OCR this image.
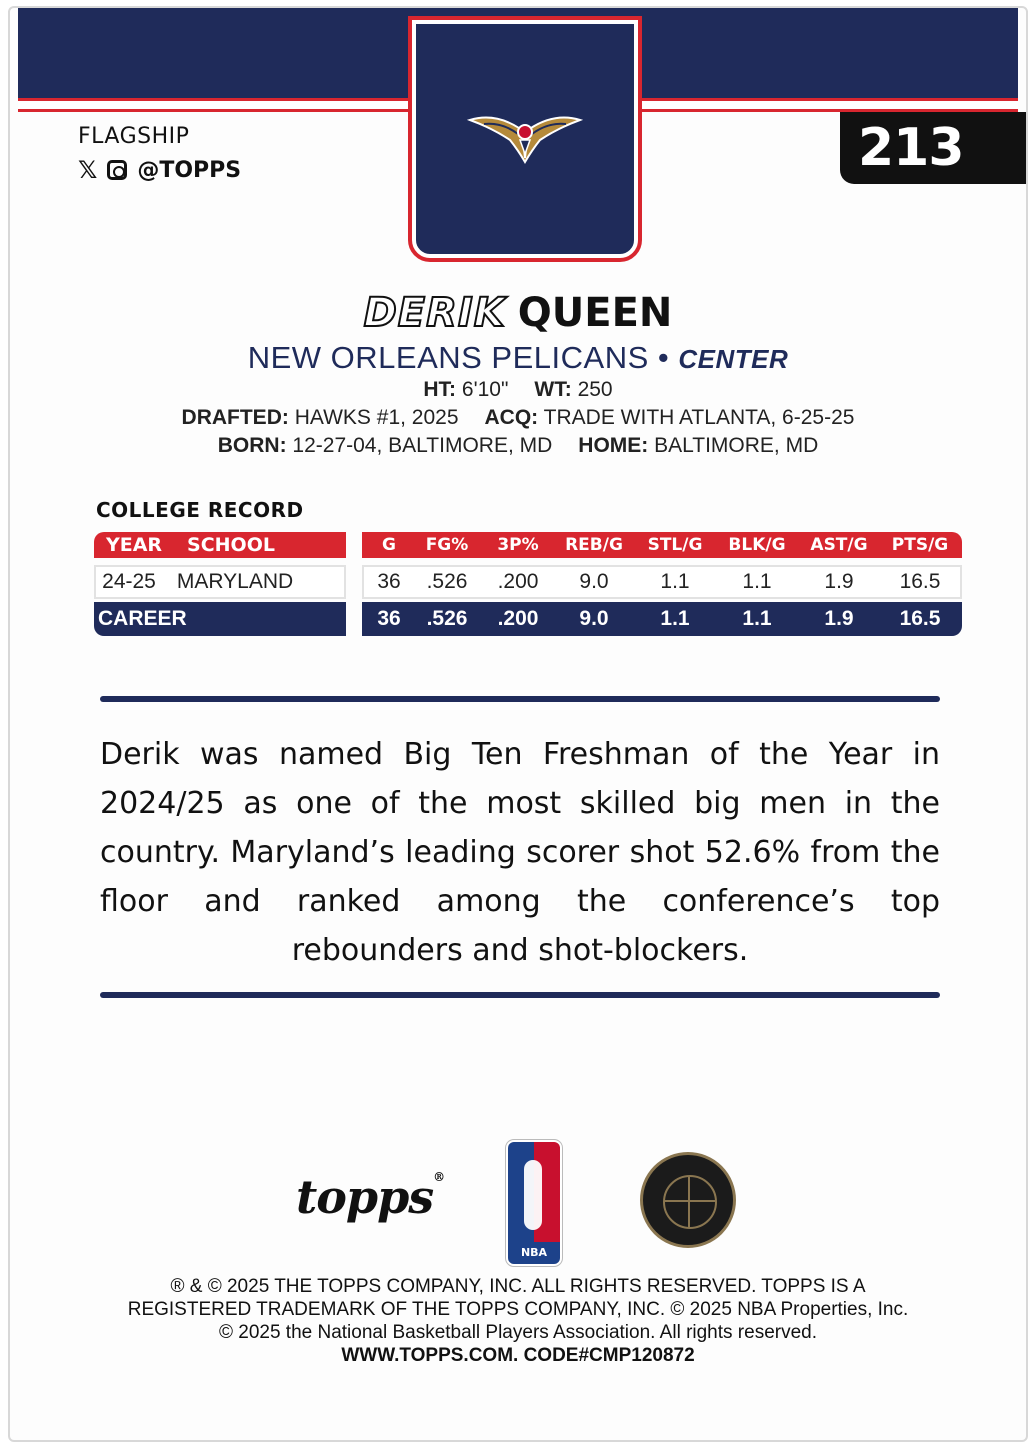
FLAGSHIP
𝕏 @TOPPS	213
DERIK QUEEN
NEW ORLEANS PELICANS • CENTER
HT: 6'10" WT: 250
DRAFTED: HAWKS #1, 2025 ACQ: TRADE WITH ATLANTA, 6-25-25
BORN: 12-27-04, BALTIMORE, MD HOME: BALTIMORE, MD
COLLEGE RECORD
YEAR	SCHOOL	G	FG%	3P%	REB/G	STL/G	BLK/G	AST/G	PTS/G
24-25 MARYLAND	36	.526	.200	9.0	1.1	1.1	1.9	16.5
CAREER	36	.526	.200	9.0	1.1	1.1	1.9	16.5
Derik was named Big Ten Freshman of the Year in 2024/25 as one of the most skilled big men in the country. Maryland’s leading scorer shot 52.6% from the floor and ranked among the conference’s top rebounders and shot-blockers.
topps®
NBA
® & © 2025 THE TOPPS COMPANY, INC. ALL RIGHTS RESERVED. TOPPS IS A
REGISTERED TRADEMARK OF THE TOPPS COMPANY, INC. © 2025 NBA Properties, Inc.
© 2025 the National Basketball Players Association. All rights reserved.
WWW.TOPPS.COM. CODE#CMP120872
